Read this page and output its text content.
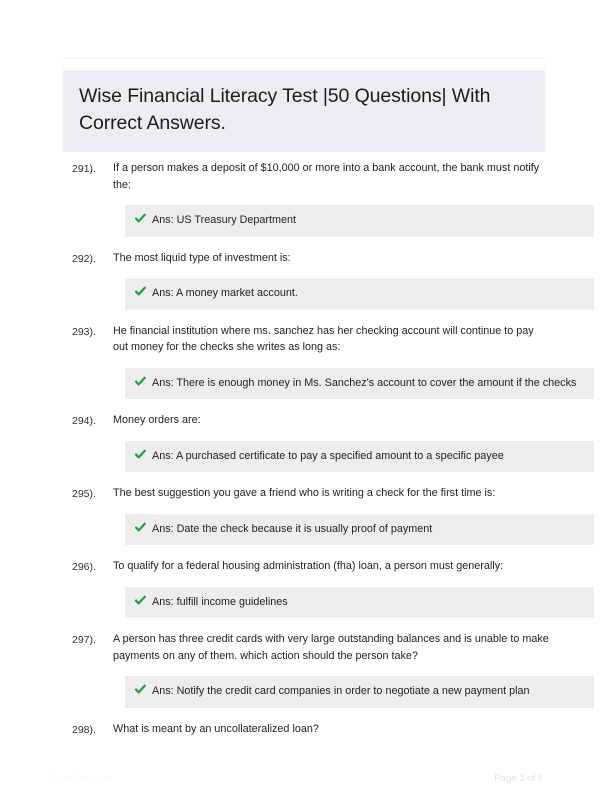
Wise Financial Literacy Test |50 Questions| With Correct Answers.
291).	If a person makes a deposit of $10,000 or more into a bank account, the bank must notify the:

Ans: US Treasury Department
292).	The most liquid type of investment is:

Ans: A money market account.
293).	He financial institution where ms. sanchez has her checking account will continue to pay out money for the checks she writes as long as:

Ans: There is enough money in Ms. Sanchez's account to cover the amount if the checks
294).	Money orders are:

Ans: A purchased certificate to pay a specified amount to a specific payee
295).	The best suggestion you gave a friend who is writing a check for the first time is:

Ans: Date the check because it is usually proof of payment
296).	To qualify for a federal housing administration (fha) loan, a person must generally:

Ans: fulfill income guidelines
297).	A person has three credit cards with very large outstanding balances and is unable to make payments on any of them. which action should the person take?

Ans: Notify the credit card companies in order to negotiate a new payment plan
298).	What is meant by an uncollateralized loan?

PaperStic.com	Page 1 of 7
